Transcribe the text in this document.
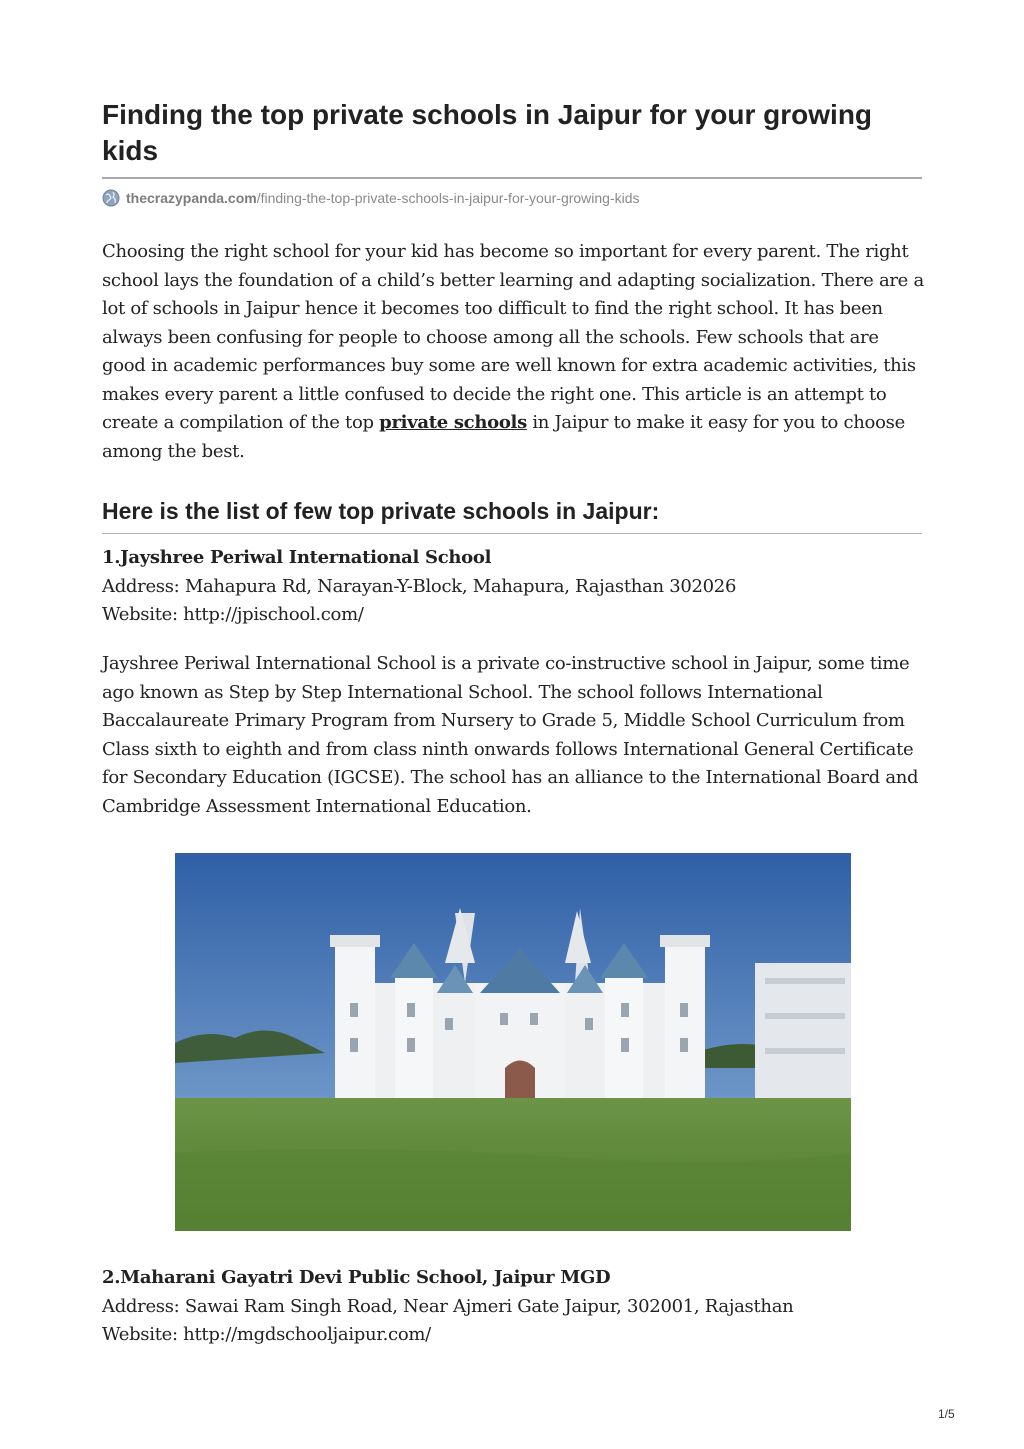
Finding the top private schools in Jaipur for your growing kids
thecrazypanda.com /finding-the-top-private-schools-in-jaipur-for-your-growing-kids

Choosing the right school for your kid has become so important for every parent. The right school lays the foundation of a child’s better learning and adapting socialization. There are a lot of schools in Jaipur hence it becomes too difficult to find the right school. It has been always been confusing for people to choose among all the schools. Few schools that are good in academic performances buy some are well known for extra academic activities, this makes every parent a little confused to decide the right one. This article is an attempt to create a compilation of the top private schools in Jaipur to make it easy for you to choose among the best.

Here is the list of few top private schools in Jaipur:
1.Jayshree Periwal International School
Address: Mahapura Rd, Narayan-Y-Block, Mahapura, Rajasthan 302026
Website: http://jpischool.com/

Jayshree Periwal International School is a private co-instructive school in Jaipur, some time ago known as Step by Step International School. The school follows International Baccalaureate Primary Program from Nursery to Grade 5, Middle School Curriculum from Class sixth to eighth and from class ninth onwards follows International General Certificate for Secondary Education (IGCSE). The school has an alliance to the International Board and Cambridge Assessment International Education.

2.Maharani Gayatri Devi Public School, Jaipur MGD
Address: Sawai Ram Singh Road, Near Ajmeri Gate Jaipur, 302001, Rajasthan
Website: http://mgdschooljaipur.com/
1/5
